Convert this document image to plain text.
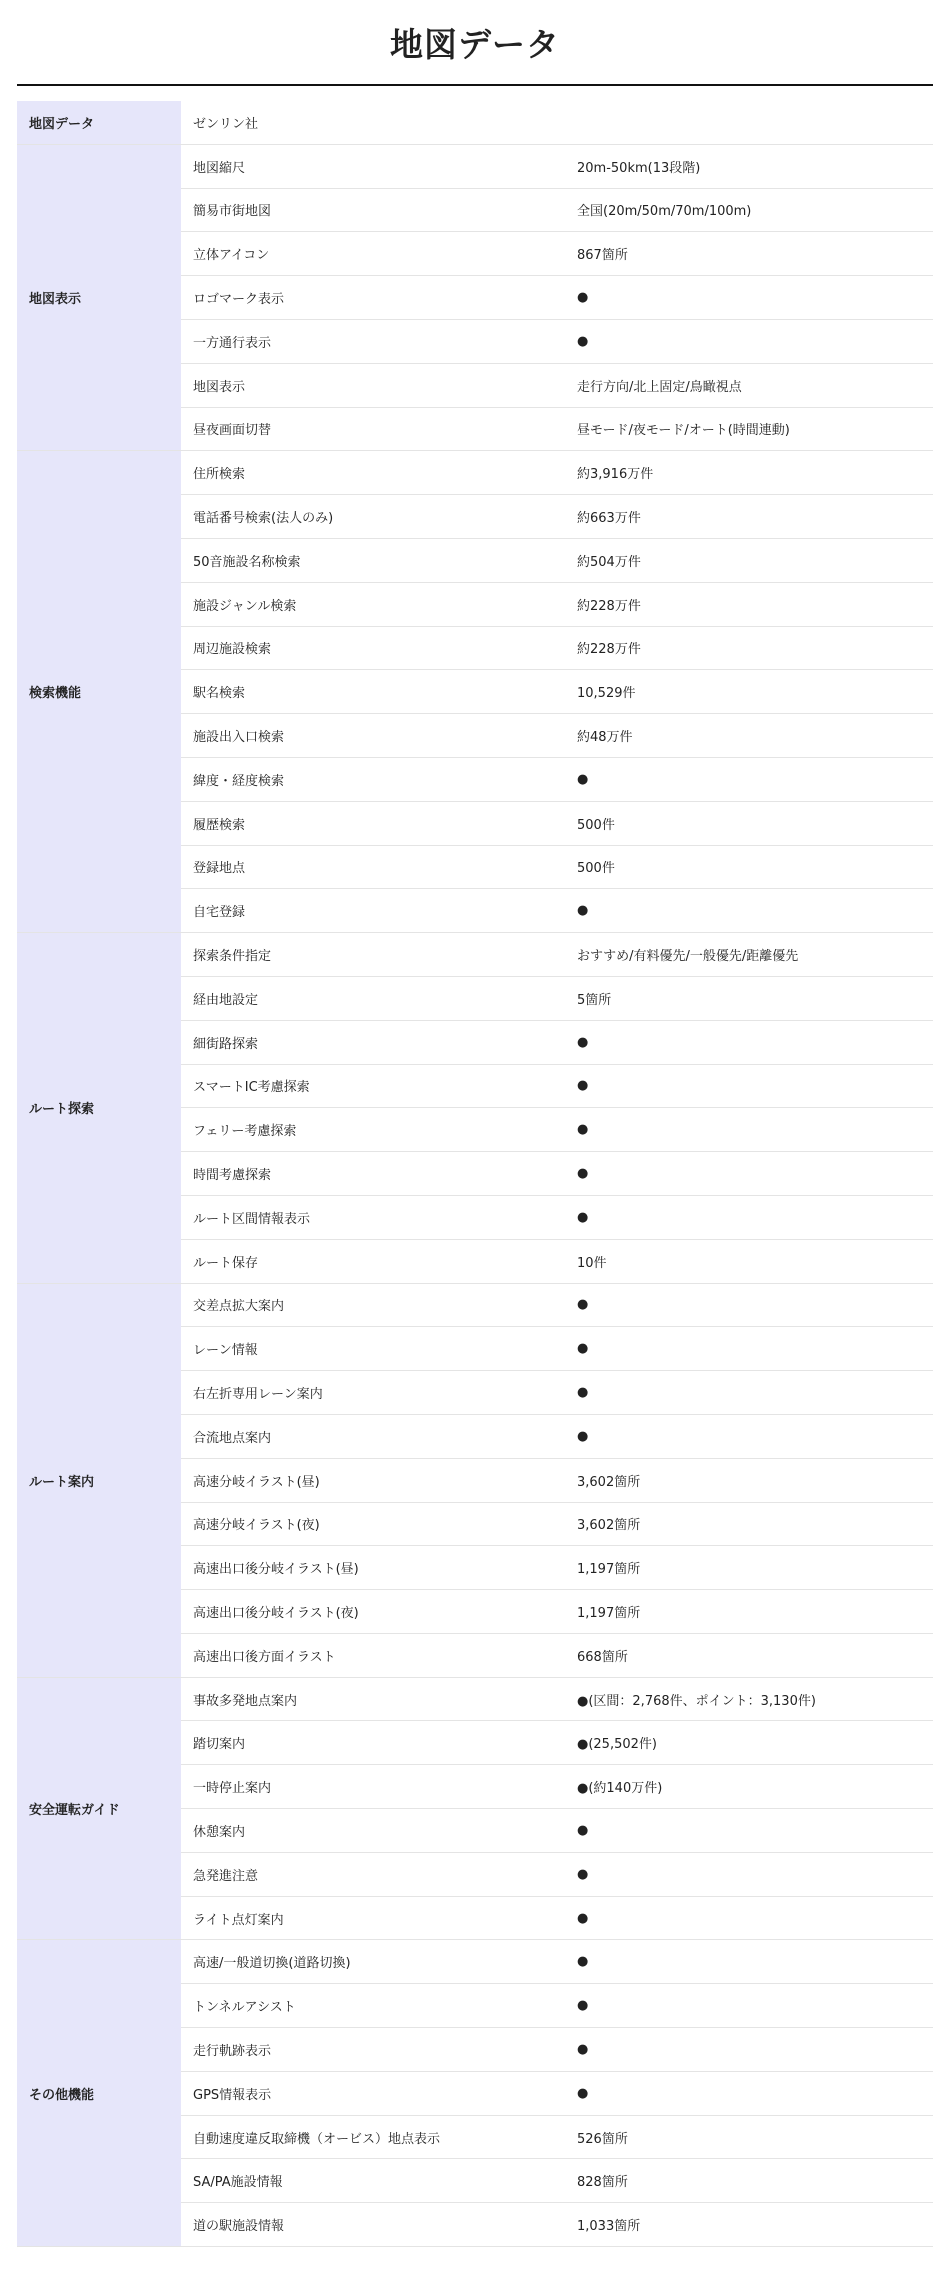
地図データ
地図データ	ゼンリン社	
地図表示	地図縮尺	20m-50km(13段階)
	簡易市街地図	全国(20m/50m/70m/100m)
	立体アイコン	867箇所
	ロゴマーク表示	●
	一方通行表示	●
	地図表示	走行方向/北上固定/鳥瞰視点
	昼夜画面切替	昼モード/夜モード/オート(時間連動)
検索機能	住所検索	約3,916万件
	電話番号検索(法人のみ)	約663万件
	50音施設名称検索	約504万件
	施設ジャンル検索	約228万件
	周辺施設検索	約228万件
	駅名検索	10,529件
	施設出入口検索	約48万件
	緯度・経度検索	●
	履歴検索	500件
	登録地点	500件
	自宅登録	●
ルート探索	探索条件指定	おすすめ/有料優先/一般優先/距離優先
	経由地設定	5箇所
	細街路探索	●
	スマートIC考慮探索	●
	フェリー考慮探索	●
	時間考慮探索	●
	ルート区間情報表示	●
	ルート保存	10件
ルート案内	交差点拡大案内	●
	レーン情報	●
	右左折専用レーン案内	●
	合流地点案内	●
	高速分岐イラスト(昼)	3,602箇所
	高速分岐イラスト(夜)	3,602箇所
	高速出口後分岐イラスト(昼)	1,197箇所
	高速出口後分岐イラスト(夜)	1,197箇所
	高速出口後方面イラスト	668箇所
安全運転ガイド	事故多発地点案内	●(区間：2,768件、ポイント：3,130件)
	踏切案内	●(25,502件)
	一時停止案内	●(約140万件)
	休憩案内	●
	急発進注意	●
	ライト点灯案内	●
その他機能	高速/一般道切換(道路切換)	●
	トンネルアシスト	●
	走行軌跡表示	●
	GPS情報表示	●
	自動速度違反取締機（オービス）地点表示	526箇所
	SA/PA施設情報	828箇所
	道の駅施設情報	1,033箇所
